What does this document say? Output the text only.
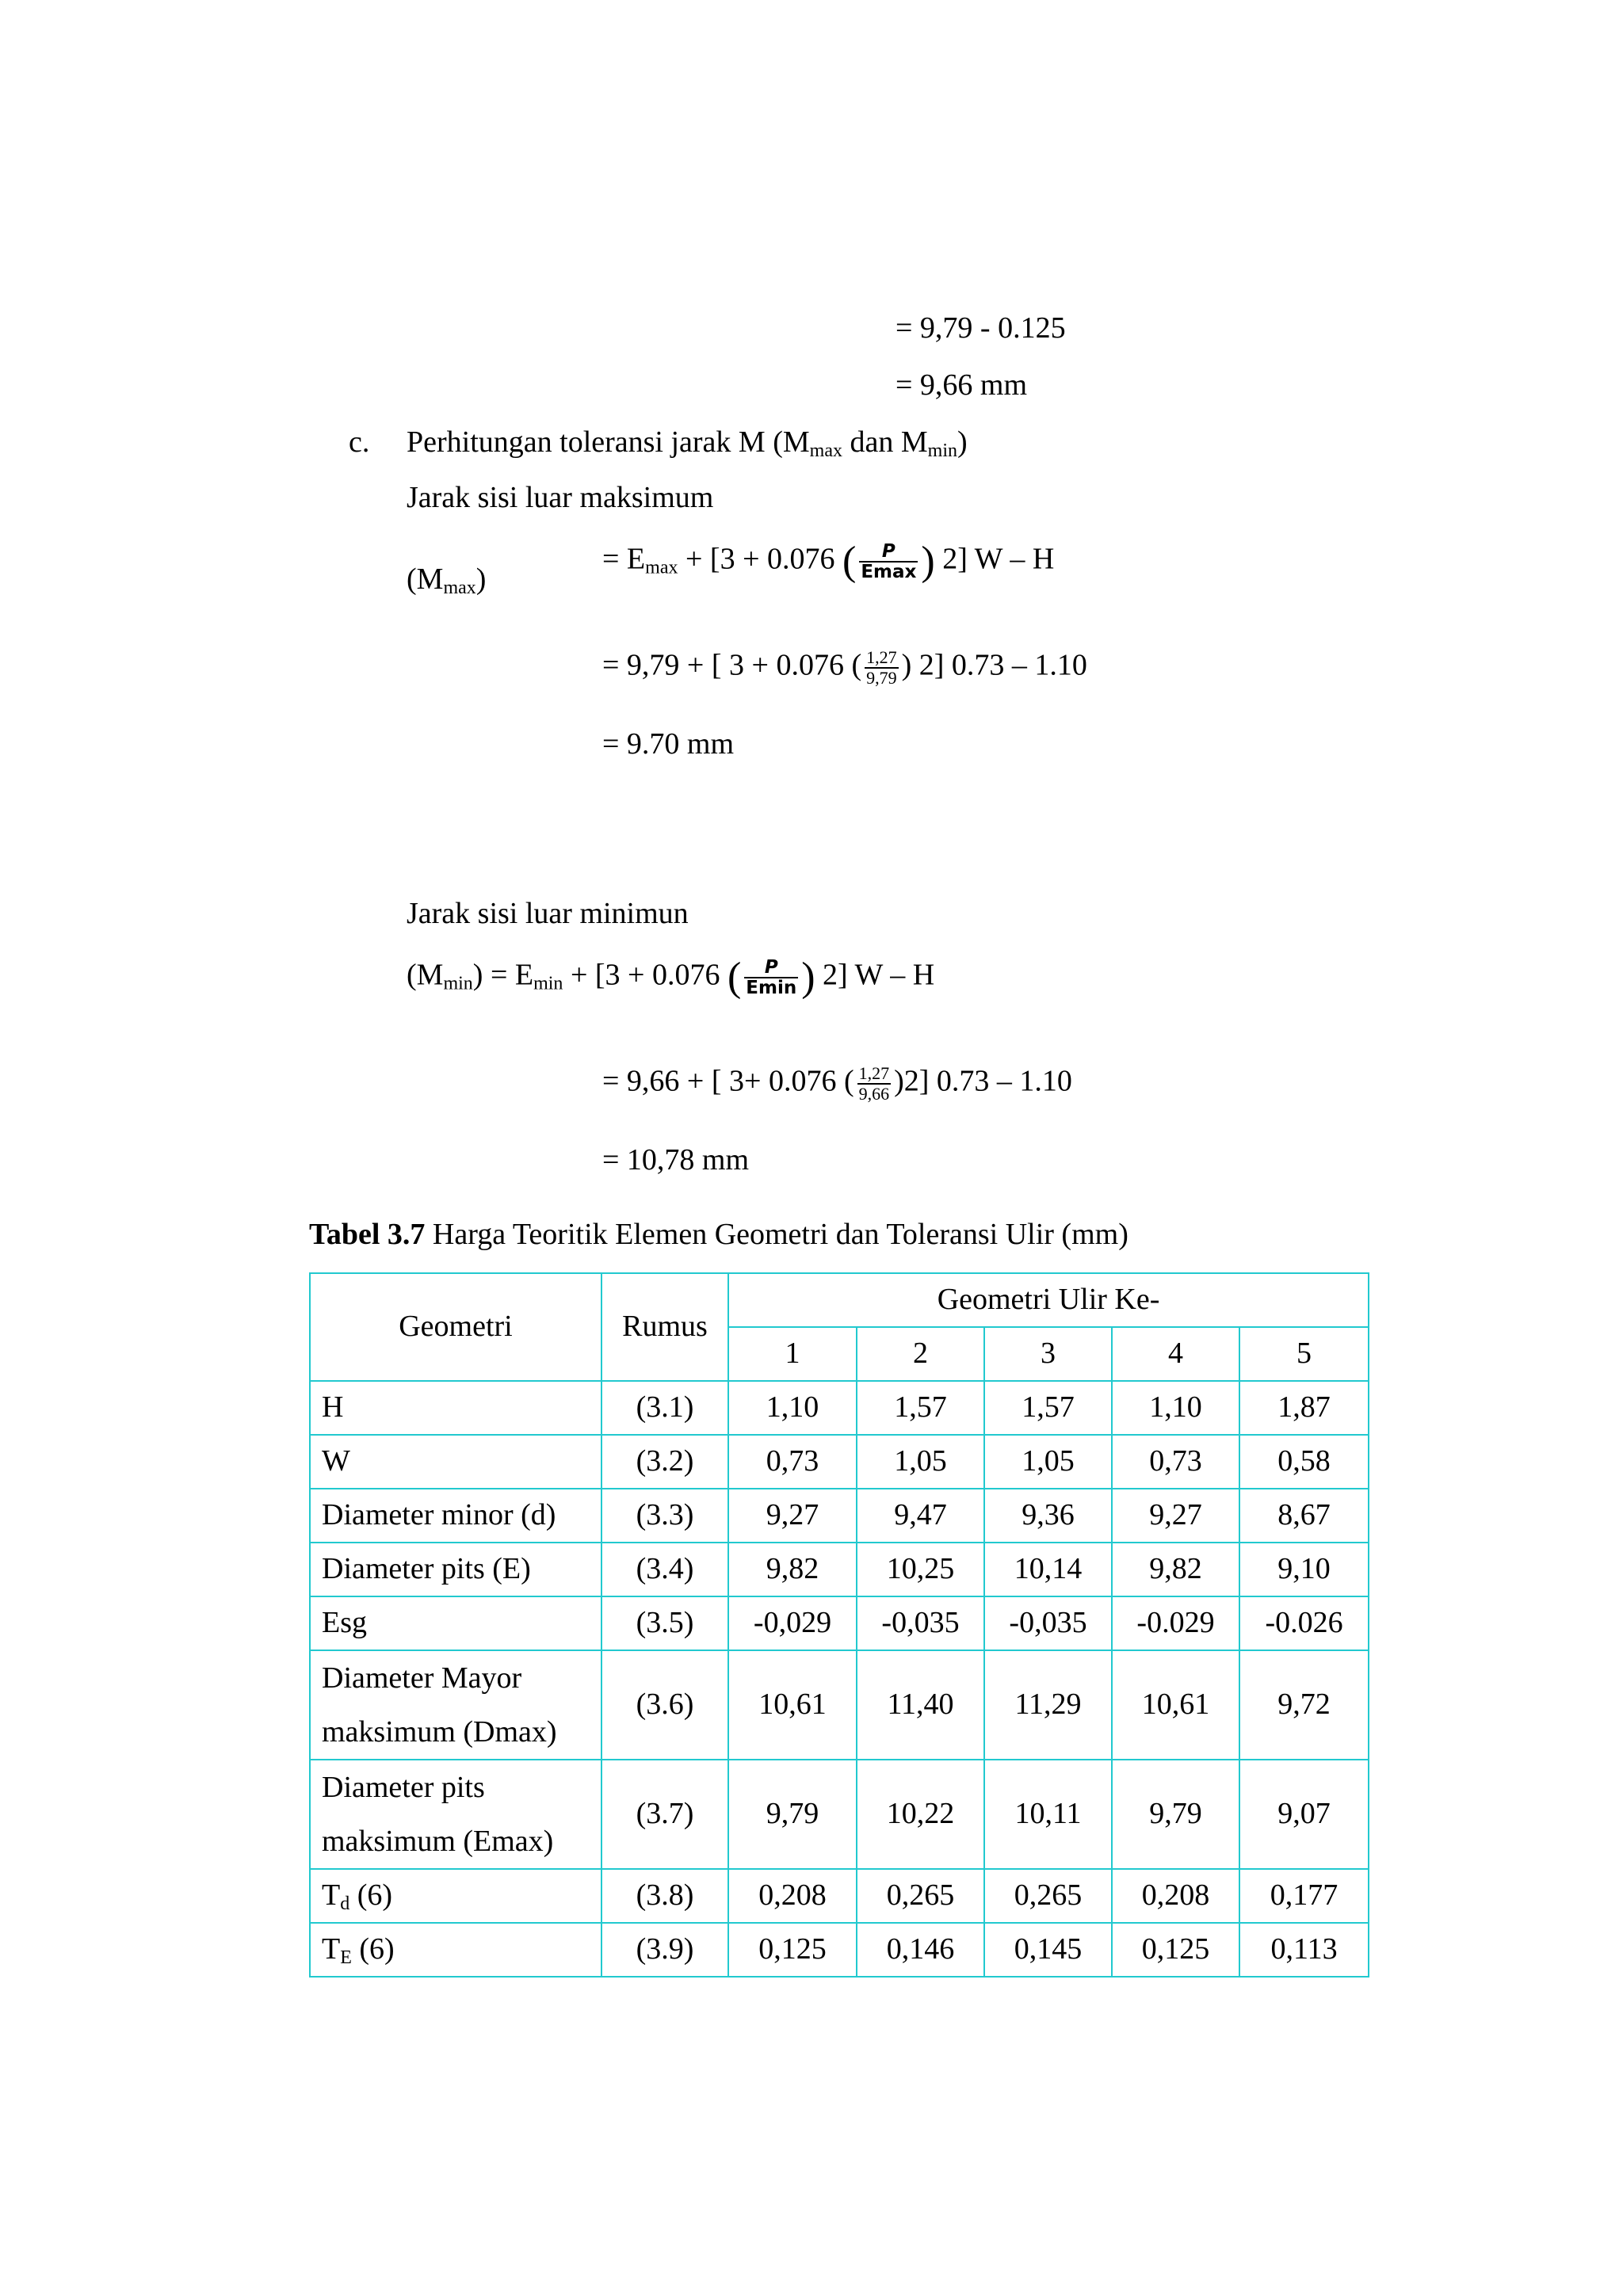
= 9,79 - 0.125
= 9,66 mm
c. Perhitungan toleransi jarak M ($M_{max}$ dan $M_{min}$)
Jarak sisi luar maksimum
$(M_{max})$
= $E_{max} + [3 + 0.076$ ( $\frac{P}{Emax}$ ) 2] W – H
= 9,79 + [ 3 + 0.076 ( $\frac{1,27}{9,79}$ ) 2] 0.73 – 1.10
= 9.70 mm
Jarak sisi luar minimun
$(M_{min}) = E_{min} + [3 + 0.076$ ( $\frac{P}{Emin}$ ) 2] W – H
= 9,66 + [ 3+ 0.076 ( $\frac{1,27}{9,66} )2$] 0.73 – 1.10
= 10,78 mm
Tabel 3.7 Harga Teoritik Elemen Geometri dan Toleransi Ulir (mm)
Geometri	Rumus	Geometri Ulir Ke-				
		1	2	3	4	5
H	(3.1)	1,10	1,57	1,57	1,10	1,87
W	(3.2)	0,73	1,05	1,05	0,73	0,58
Diameter minor (d)	(3.3)	9,27	9,47	9,36	9,27	8,67
Diameter pits (E)	(3.4)	9,82	10,25	10,14	9,82	9,10
Esg	(3.5)	-0,029	-0,035	-0,035	-0.029	-0.026
Diameter Mayor
maksimum (Dmax)	(3.6)	10,61	11,40	11,29	10,61	9,72
Diameter pits
maksimum (Emax)	(3.7)	9,79	10,22	10,11	9,79	9,07
$T_d$ (6)	(3.8)	0,208	0,265	0,265	0,208	0,177
$T_E$ (6)	(3.9)	0,125	0,146	0,145	0,125	0,113
